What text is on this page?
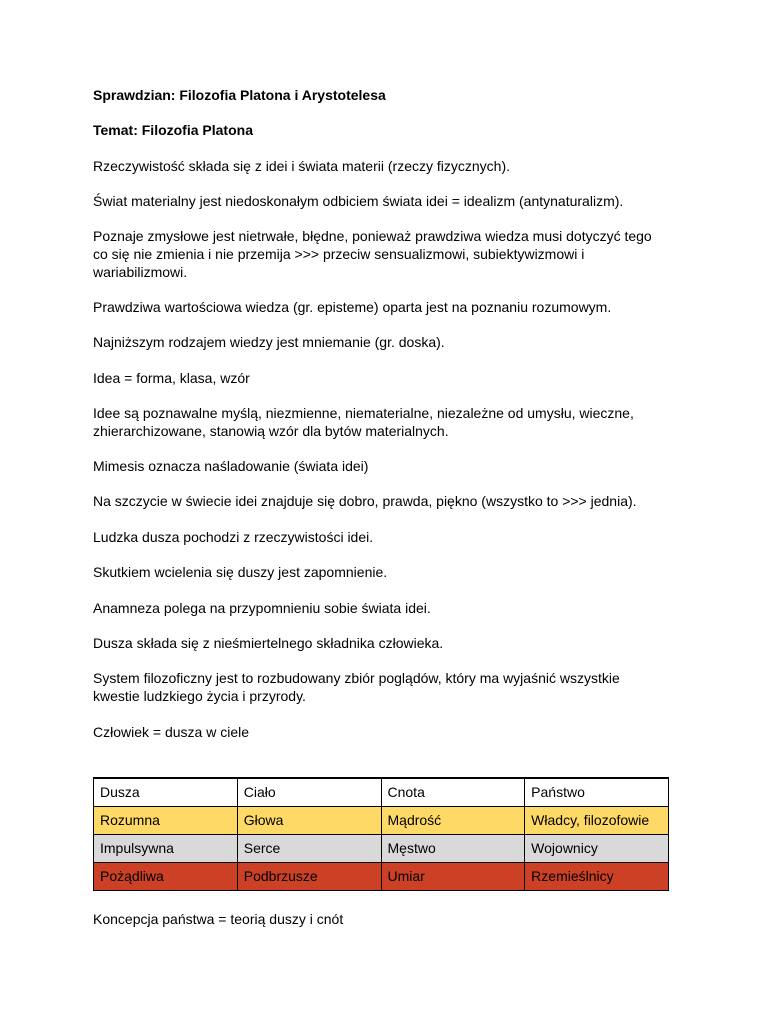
Sprawdzian: Filozofia Platona i Arystotelesa

Temat: Filozofia Platona

Rzeczywistość składa się z idei i świata materii (rzeczy fizycznych).

Świat materialny jest niedoskonałym odbiciem świata idei = idealizm (antynaturalizm).

Poznaje zmysłowe jest nietrwałe, błędne, ponieważ prawdziwa wiedza musi dotyczyć tego

co się nie zmienia i nie przemija >>> przeciw sensualizmowi, subiektywizmowi i

wariabilizmowi.

Prawdziwa wartościowa wiedza (gr. episteme) oparta jest na poznaniu rozumowym.

Najniższym rodzajem wiedzy jest mniemanie (gr. doska).

Idea = forma, klasa, wzór

Idee są poznawalne myślą, niezmienne, niematerialne, niezależne od umysłu, wieczne,

zhierarchizowane, stanowią wzór dla bytów materialnych.

Mimesis oznacza naśladowanie (świata idei)

Na szczycie w świecie idei znajduje się dobro, prawda, piękno (wszystko to >>> jednia).

Ludzka dusza pochodzi z rzeczywistości idei.

Skutkiem wcielenia się duszy jest zapomnienie.

Anamneza polega na przypomnieniu sobie świata idei.

Dusza składa się z nieśmiertelnego składnika człowieka.

System filozoficzny jest to rozbudowany zbiór poglądów, który ma wyjaśnić wszystkie

kwestie ludzkiego życia i przyrody.

Człowiek = dusza w ciele

Dusza	Ciało	Cnota	Państwo
Rozumna	Głowa	Mądrość	Władcy, filozofowie
Impulsywna	Serce	Męstwo	Wojownicy
Pożądliwa	Podbrzusze	Umiar	Rzemieślnicy

Koncepcja państwa = teorią duszy i cnót
